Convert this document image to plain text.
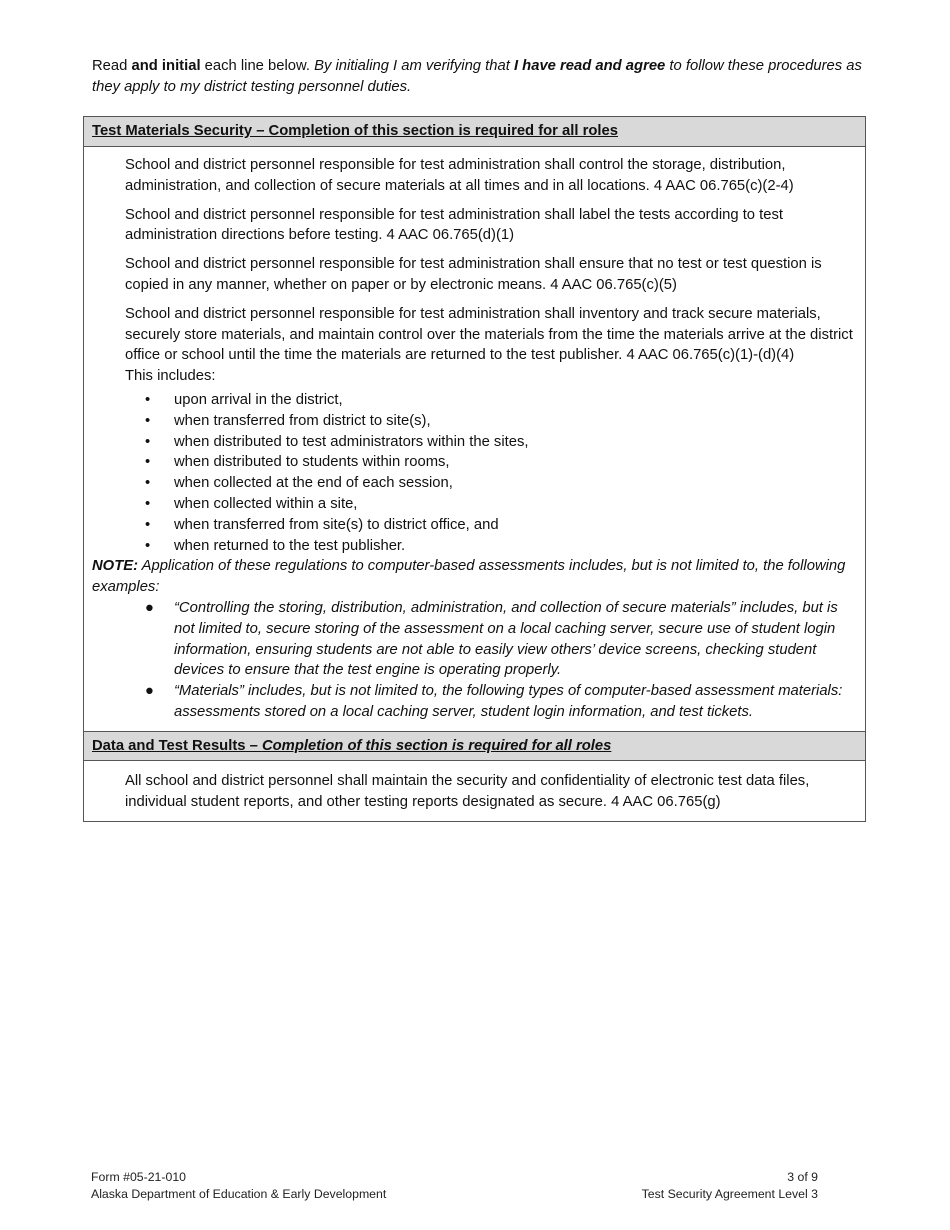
Read and initial each line below. By initialing I am verifying that I have read and agree to follow these procedures as they apply to my district testing personnel duties.
Test Materials Security – Completion of this section is required for all roles
School and district personnel responsible for test administration shall control the storage, distribution, administration, and collection of secure materials at all times and in all locations. 4 AAC 06.765(c)(2-4)
School and district personnel responsible for test administration shall label the tests according to test administration directions before testing. 4 AAC 06.765(d)(1)
School and district personnel responsible for test administration shall ensure that no test or test question is copied in any manner, whether on paper or by electronic means. 4 AAC 06.765(c)(5)
School and district personnel responsible for test administration shall inventory and track secure materials, securely store materials, and maintain control over the materials from the time the materials arrive at the district office or school until the time the materials are returned to the test publisher. 4 AAC 06.765(c)(1)-(d)(4)
This includes:
• upon arrival in the district,
• when transferred from district to site(s),
• when distributed to test administrators within the sites,
• when distributed to students within rooms,
• when collected at the end of each session,
• when collected within a site,
• when transferred from site(s) to district office, and
• when returned to the test publisher.
NOTE: Application of these regulations to computer-based assessments includes, but is not limited to, the following examples:
● “Controlling the storing, distribution, administration, and collection of secure materials” includes, but is not limited to, secure storing of the assessment on a local caching server, secure use of student login information, ensuring students are not able to easily view others’ device screens, checking student devices to ensure that the test engine is operating properly.
● “Materials” includes, but is not limited to, the following types of computer-based assessment materials: assessments stored on a local caching server, student login information, and test tickets.
Data and Test Results – Completion of this section is required for all roles
All school and district personnel shall maintain the security and confidentiality of electronic test data files, individual student reports, and other testing reports designated as secure. 4 AAC 06.765(g)
Form #05-21-010
Alaska Department of Education & Early Development
3 of 9
Test Security Agreement Level 3
